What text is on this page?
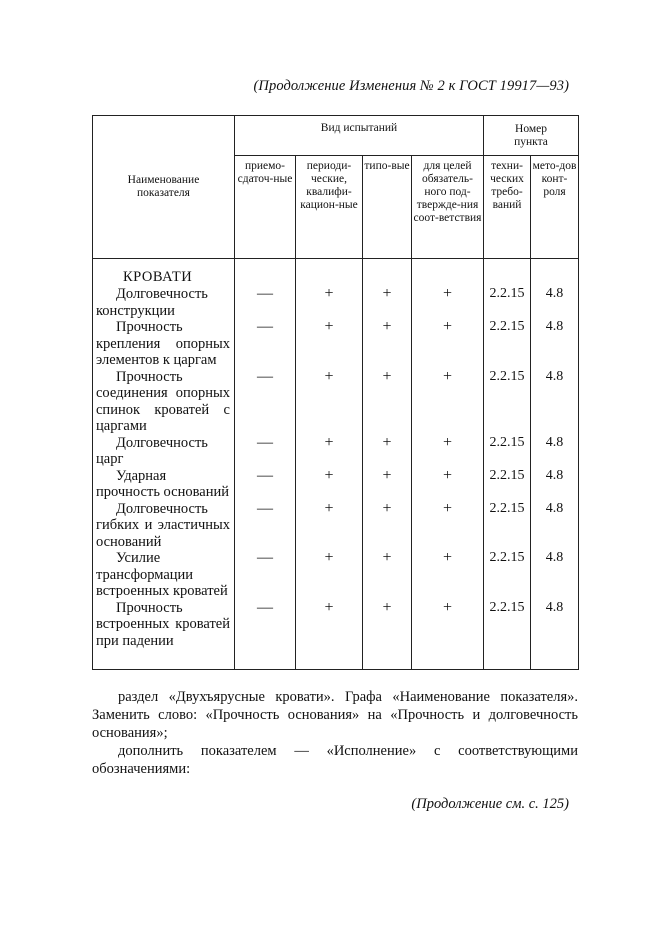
(Продолжение Изменения № 2 к ГОСТ 19917—93)
Наименование показателя	Вид испытаний				Номер пункта	
	приемо-сдаточ-ные	периоди-ческие, квалифи-кацион-ные	типо-вые	для целей обязатель-ного под-твержде-ния соот-ветствия	техни-ческих требо-ваний	мето-дов конт-роля
КРОВАТИ						
Долговечность конструкции	—	+	+	+	2.2.15	4.8
Прочность крепления опорных элементов к царгам	—	+	+	+	2.2.15	4.8
Прочность соединения опорных спинок кроватей с царгами	—	+	+	+	2.2.15	4.8
Долговечность царг	—	+	+	+	2.2.15	4.8
Ударная прочность оснований	—	+	+	+	2.2.15	4.8
Долговечность гибких и эластичных оснований	—	+	+	+	2.2.15	4.8
Усилие трансформации встроенных кроватей	—	+	+	+	2.2.15	4.8
Прочность встроенных кроватей при падении	—	+	+	+	2.2.15	4.8

раздел «Двухъярусные кровати». Графа «Наименование показателя». Заменить слово: «Прочность основания» на «Прочность и долговечность основания»;
дополнить показателем — «Исполнение» с соответствующими обозначениями:
(Продолжение см. с. 125)
